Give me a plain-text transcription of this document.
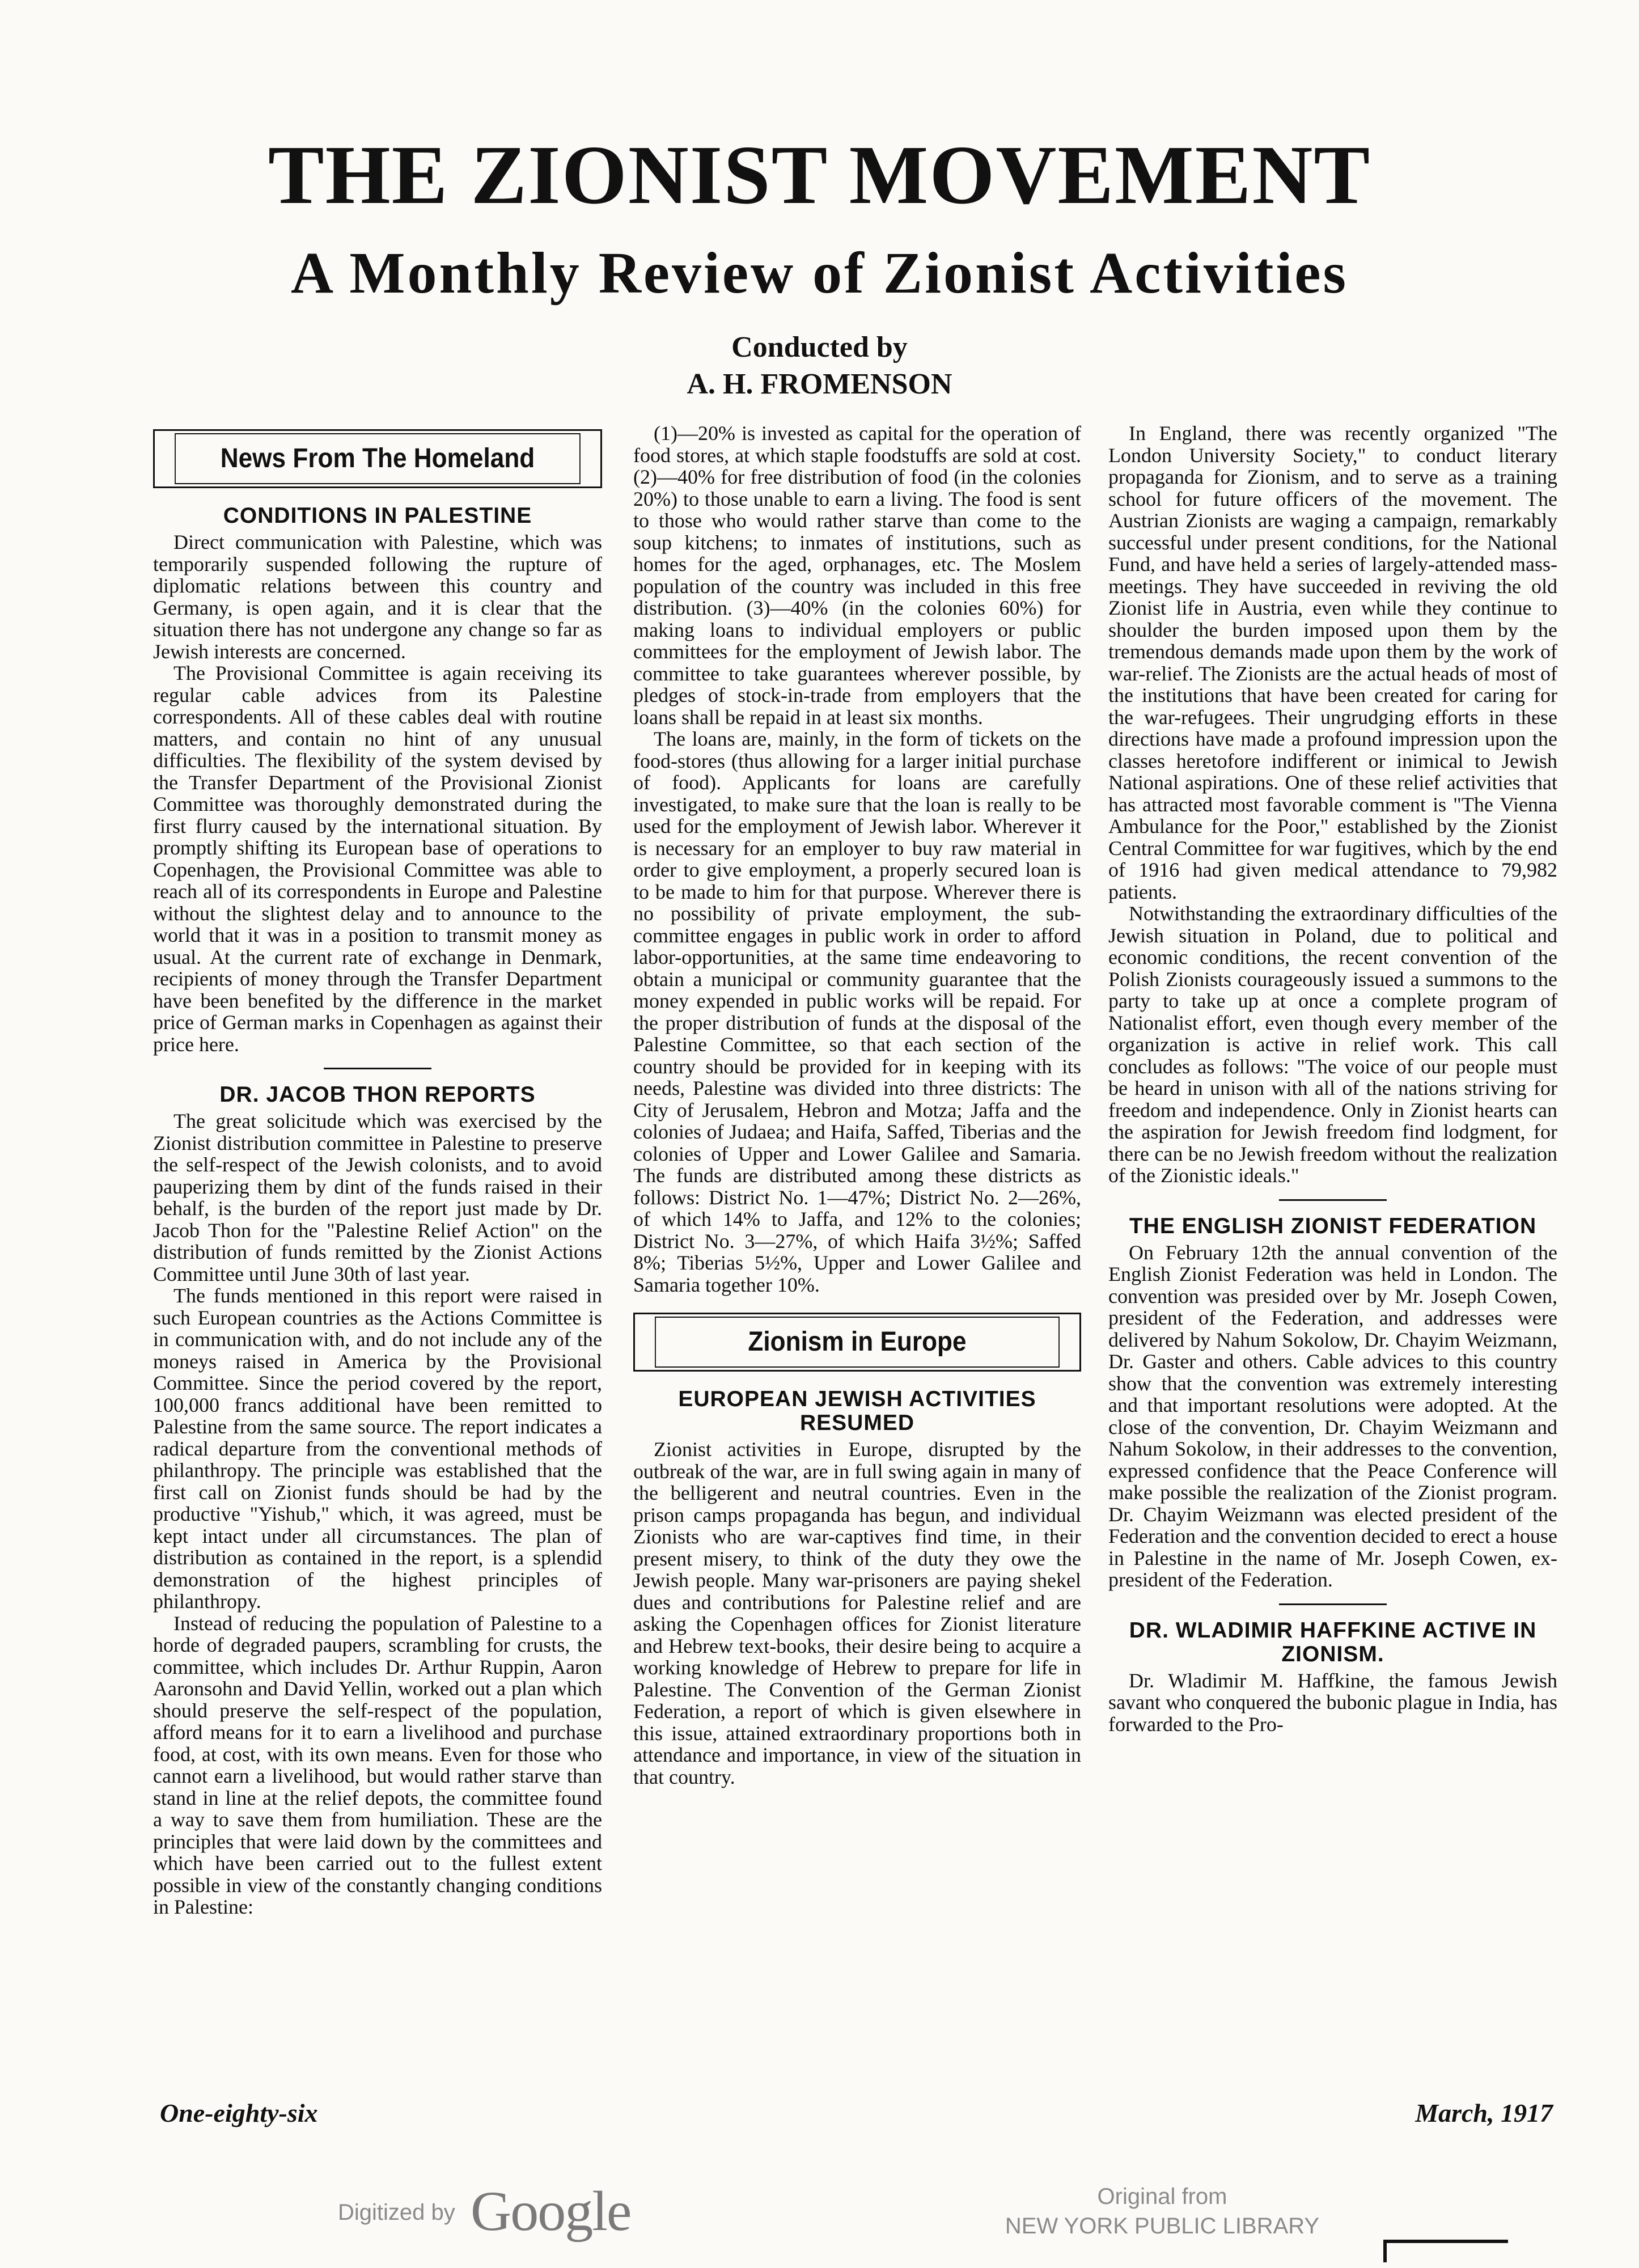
THE ZIONIST MOVEMENT
A Monthly Review of Zionist Activities
Conducted by
A. H. FROMENSON
News From The Homeland
CONDITIONS IN PALESTINE

Direct communication with Palestine, which was temporarily suspended following the rupture of diplomatic relations between this country and Germany, is open again, and it is clear that the situation there has not undergone any change so far as Jewish interests are concerned.

The Provisional Committee is again receiving its regular cable advices from its Palestine correspondents. All of these cables deal with routine matters, and contain no hint of any unusual difficulties. The flexibility of the system devised by the Transfer Department of the Provisional Zionist Committee was thoroughly demonstrated during the first flurry caused by the international situation. By promptly shifting its European base of operations to Copenhagen, the Provisional Committee was able to reach all of its correspondents in Europe and Palestine without the slightest delay and to announce to the world that it was in a position to transmit money as usual. At the current rate of exchange in Denmark, recipients of money through the Transfer Department have been benefited by the difference in the market price of German marks in Copenhagen as against their price here.

DR. JACOB THON REPORTS

The great solicitude which was exercised by the Zionist distribution committee in Palestine to preserve the self-respect of the Jewish colonists, and to avoid pauperizing them by dint of the funds raised in their behalf, is the burden of the report just made by Dr. Jacob Thon for the "Palestine Relief Action" on the distribution of funds remitted by the Zionist Actions Committee until June 30th of last year.

The funds mentioned in this report were raised in such European countries as the Actions Committee is in communication with, and do not include any of the moneys raised in America by the Provisional Committee. Since the period covered by the report, 100,000 francs additional have been remitted to Palestine from the same source. The report indicates a radical departure from the conventional methods of philanthropy. The principle was established that the first call on Zionist funds should be had by the productive "Yishub," which, it was agreed, must be kept intact under all circumstances. The plan of distribution as contained in the report, is a splendid demonstration of the highest principles of philanthropy.

Instead of reducing the population of Palestine to a horde of degraded paupers, scrambling for crusts, the committee, which includes Dr. Arthur Ruppin, Aaron Aaronsohn and David Yellin, worked out a plan which should preserve the self-respect of the population, afford means for it to earn a livelihood and purchase food, at cost, with its own means. Even for those who cannot earn a livelihood, but would rather starve than stand in line at the relief depots, the committee found a way to save them from humiliation. These are the principles that were laid down by the committees and which have been carried out to the fullest extent possible in view of the constantly changing conditions in Palestine:

(1)—20% is invested as capital for the operation of food stores, at which staple foodstuffs are sold at cost. (2)—40% for free distribution of food (in the colonies 20%) to those unable to earn a living. The food is sent to those who would rather starve than come to the soup kitchens; to inmates of institutions, such as homes for the aged, orphanages, etc. The Moslem population of the country was included in this free distribution. (3)—40% (in the colonies 60%) for making loans to individual employers or public committees for the employment of Jewish labor. The committee to take guarantees wherever possible, by pledges of stock-in-trade from employers that the loans shall be repaid in at least six months.

The loans are, mainly, in the form of tickets on the food-stores (thus allowing for a larger initial purchase of food). Applicants for loans are carefully investigated, to make sure that the loan is really to be used for the employment of Jewish labor. Wherever it is necessary for an employer to buy raw material in order to give employment, a properly secured loan is to be made to him for that purpose. Wherever there is no possibility of private employment, the sub-committee engages in public work in order to afford labor-opportunities, at the same time endeavoring to obtain a municipal or community guarantee that the money expended in public works will be repaid. For the proper distribution of funds at the disposal of the Palestine Committee, so that each section of the country should be provided for in keeping with its needs, Palestine was divided into three districts: The City of Jerusalem, Hebron and Motza; Jaffa and the colonies of Judaea; and Haifa, Saffed, Tiberias and the colonies of Upper and Lower Galilee and Samaria. The funds are distributed among these districts as follows: District No. 1—47%; District No. 2—26%, of which 14% to Jaffa, and 12% to the colonies; District No. 3—27%, of which Haifa 3½%; Saffed 8%; Tiberias 5½%, Upper and Lower Galilee and Samaria together 10%.

Zionism in Europe
EUROPEAN JEWISH ACTIVITIES RESUMED

Zionist activities in Europe, disrupted by the outbreak of the war, are in full swing again in many of the belligerent and neutral countries. Even in the prison camps propaganda has begun, and individual Zionists who are war-captives find time, in their present misery, to think of the duty they owe the Jewish people. Many war-prisoners are paying shekel dues and contributions for Palestine relief and are asking the Copenhagen offices for Zionist literature and Hebrew text-books, their desire being to acquire a working knowledge of Hebrew to prepare for life in Palestine. The Convention of the German Zionist Federation, a report of which is given elsewhere in this issue, attained extraordinary proportions both in attendance and importance, in view of the situation in that country.

In England, there was recently organized "The London University Society," to conduct literary propaganda for Zionism, and to serve as a training school for future officers of the movement. The Austrian Zionists are waging a campaign, remarkably successful under present conditions, for the National Fund, and have held a series of largely-attended mass-meetings. They have succeeded in reviving the old Zionist life in Austria, even while they continue to shoulder the burden imposed upon them by the tremendous demands made upon them by the work of war-relief. The Zionists are the actual heads of most of the institutions that have been created for caring for the war-refugees. Their ungrudging efforts in these directions have made a profound impression upon the classes heretofore indifferent or inimical to Jewish National aspirations. One of these relief activities that has attracted most favorable comment is "The Vienna Ambulance for the Poor," established by the Zionist Central Committee for war fugitives, which by the end of 1916 had given medical attendance to 79,982 patients.

Notwithstanding the extraordinary difficulties of the Jewish situation in Poland, due to political and economic conditions, the recent convention of the Polish Zionists courageously issued a summons to the party to take up at once a complete program of Nationalist effort, even though every member of the organization is active in relief work. This call concludes as follows: "The voice of our people must be heard in unison with all of the nations striving for freedom and independence. Only in Zionist hearts can the aspiration for Jewish freedom find lodgment, for there can be no Jewish freedom without the realization of the Zionistic ideals."

THE ENGLISH ZIONIST FEDERATION

On February 12th the annual convention of the English Zionist Federation was held in London. The convention was presided over by Mr. Joseph Cowen, president of the Federation, and addresses were delivered by Nahum Sokolow, Dr. Chayim Weizmann, Dr. Gaster and others. Cable advices to this country show that the convention was extremely interesting and that important resolutions were adopted. At the close of the convention, Dr. Chayim Weizmann and Nahum Sokolow, in their addresses to the convention, expressed confidence that the Peace Conference will make possible the realization of the Zionist program. Dr. Chayim Weizmann was elected president of the Federation and the convention decided to erect a house in Palestine in the name of Mr. Joseph Cowen, ex-president of the Federation.

DR. WLADIMIR HAFFKINE ACTIVE IN ZIONISM.

Dr. Wladimir M. Haffkine, the famous Jewish savant who conquered the bubonic plague in India, has forwarded to the Pro-

One-eighty-six	March, 1917
Digitized by Google	Original from
NEW YORK PUBLIC LIBRARY
